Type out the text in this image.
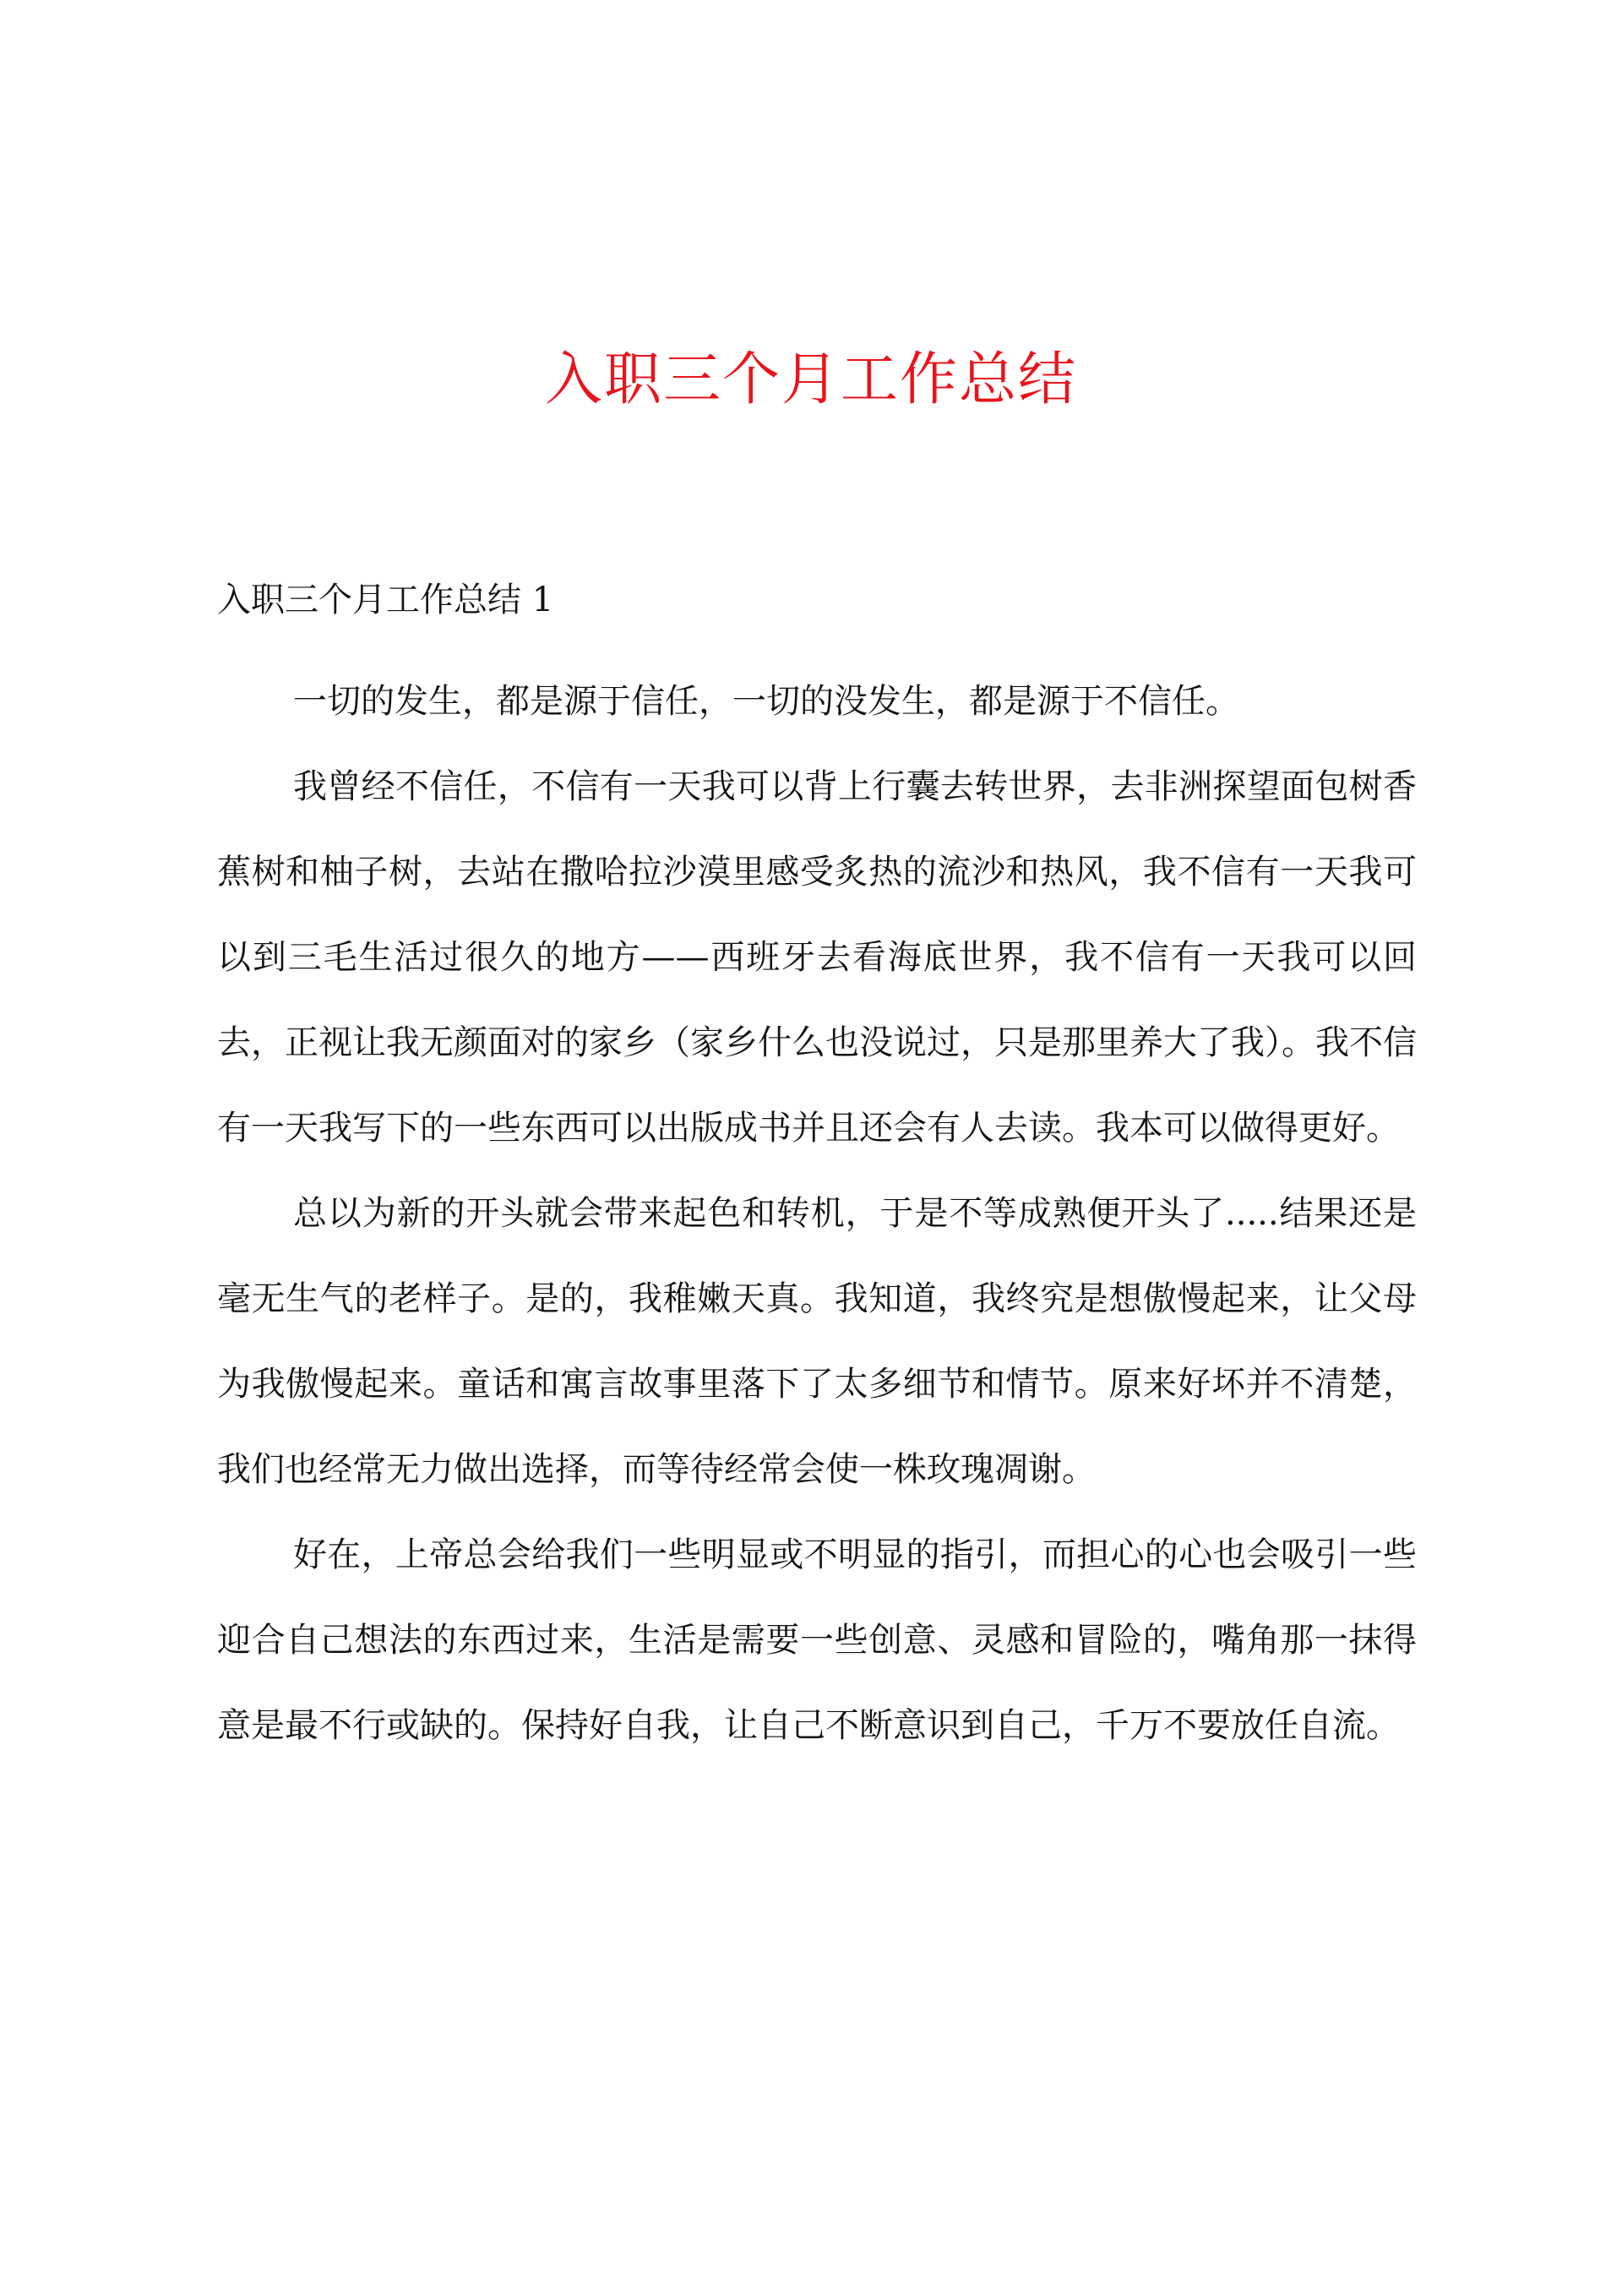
入职三个月工作总结
入职三个月工作总结 1

一切的发生，都是源于信任，一切的没发生，都是源于不信任。

我曾经不信任，不信有一天我可以背上行囊去转世界，去非洲探望面包树香蕉树和柚子树，去站在撒哈拉沙漠里感受炙热的流沙和热风，我不信有一天我可以到三毛生活过很久的地方——西班牙去看海底世界，我不信有一天我可以回去，正视让我无颜面对的家乡（家乡什么也没说过，只是那里养大了我）。我不信有一天我写下的一些东西可以出版成书并且还会有人去读。我本可以做得更好。

总以为新的开头就会带来起色和转机，于是不等成熟便开头了.....结果还是毫无生气的老样子。是的，我稚嫩天真。我知道，我终究是想傲慢起来，让父母为我傲慢起来。童话和寓言故事里落下了太多细节和情节。原来好坏并不清楚，我们也经常无力做出选择，而等待经常会使一株玫瑰凋谢。

好在，上帝总会给我们一些明显或不明显的指引，而担心的心也会吸引一些迎合自己想法的东西过来，生活是需要一些创意、灵感和冒险的，嘴角那一抹得意是最不行或缺的。保持好自我，让自己不断意识到自己，千万不要放任自流。
